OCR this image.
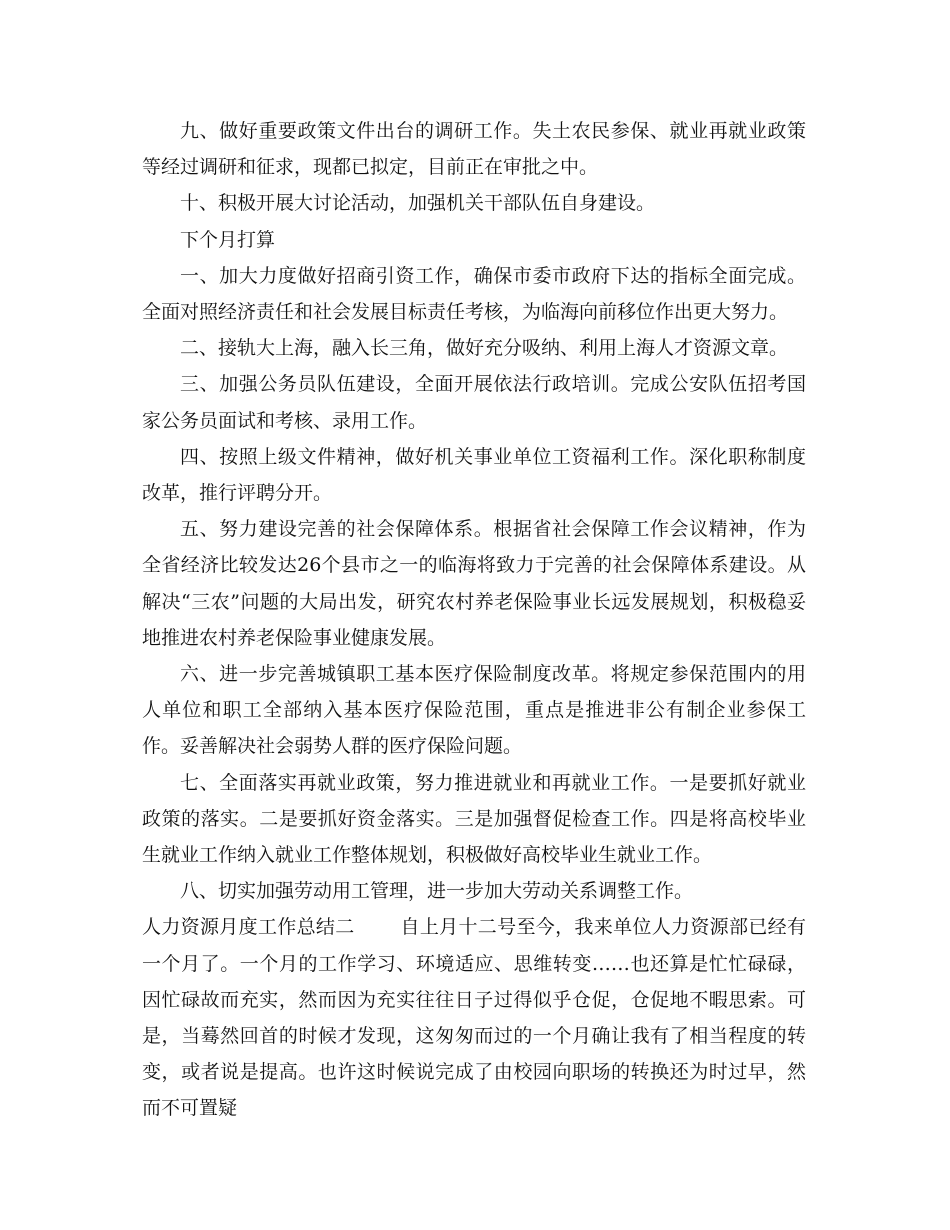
九、做好重要政策文件出台的调研工作。失土农民参保、就业再就业政策等经过调研和征求，现都已拟定，目前正在审批之中。

十、积极开展大讨论活动，加强机关干部队伍自身建设。

下个月打算

一、加大力度做好招商引资工作，确保市委市政府下达的指标全面完成。全面对照经济责任和社会发展目标责任考核，为临海向前移位作出更大努力。

二、接轨大上海，融入长三角，做好充分吸纳、利用上海人才资源文章。

三、加强公务员队伍建设，全面开展依法行政培训。完成公安队伍招考国家公务员面试和考核、录用工作。

四、按照上级文件精神，做好机关事业单位工资福利工作。深化职称制度改革，推行评聘分开。

五、努力建设完善的社会保障体系。根据省社会保障工作会议精神，作为全省经济比较发达26个县市之一的临海将致力于完善的社会保障体系建设。从解决“三农”问题的大局出发，研究农村养老保险事业长远发展规划，积极稳妥地推进农村养老保险事业健康发展。

六、进一步完善城镇职工基本医疗保险制度改革。将规定参保范围内的用人单位和职工全部纳入基本医疗保险范围，重点是推进非公有制企业参保工作。妥善解决社会弱势人群的医疗保险问题。

七、全面落实再就业政策，努力推进就业和再就业工作。一是要抓好就业政策的落实。二是要抓好资金落实。三是加强督促检查工作。四是将高校毕业生就业工作纳入就业工作整体规划，积极做好高校毕业生就业工作。

八、切实加强劳动用工管理，进一步加大劳动关系调整工作。

人力资源月度工作总结二 自上月十二号至今，我来单位人力资源部已经有一个月了。一个月的工作学习、环境适应、思维转变……也还算是忙忙碌碌，因忙碌故而充实，然而因为充实往往日子过得似乎仓促，仓促地不暇思索。可是，当蓦然回首的时候才发现，这匆匆而过的一个月确让我有了相当程度的转变，或者说是提高。也许这时候说完成了由校园向职场的转换还为时过早，然而不可置疑
